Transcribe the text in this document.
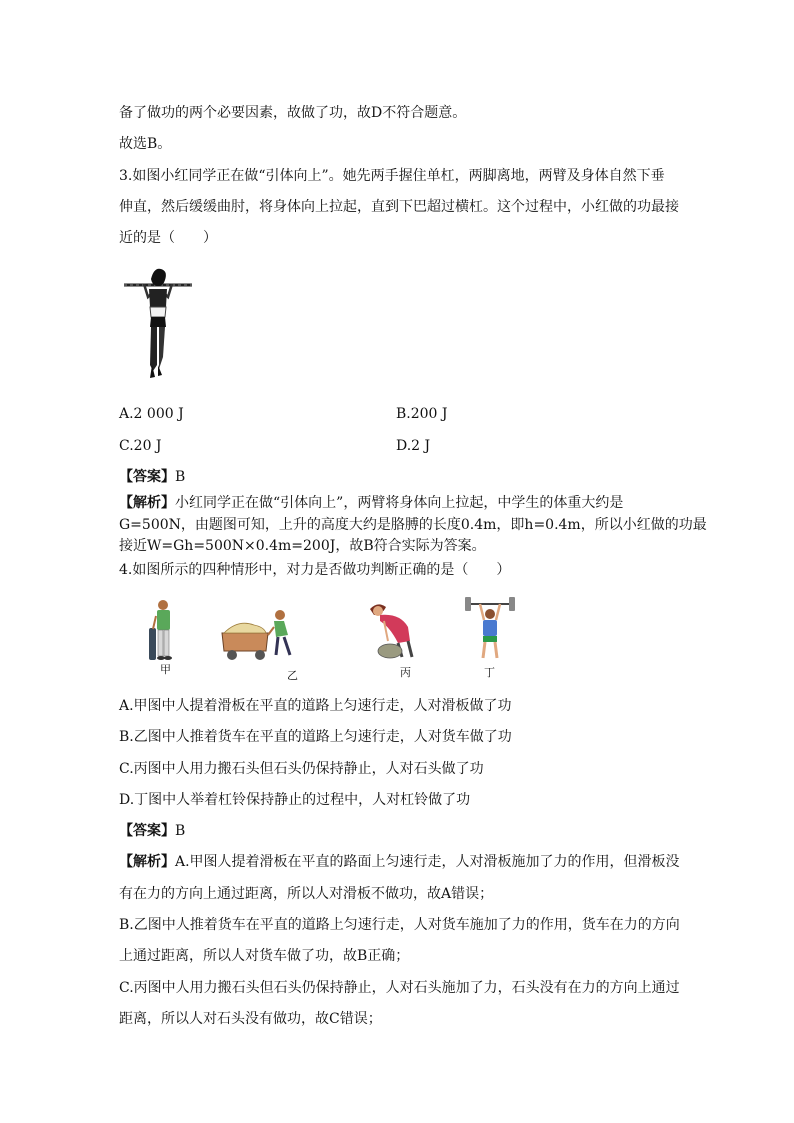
备了做功的两个必要因素，故做了功，故D不符合题意。
故选B。
3.如图小红同学正在做“引体向上”。她先两手握住单杠，两脚离地，两臂及身体自然下垂
伸直，然后缓缓曲肘，将身体向上拉起，直到下巴超过横杠。这个过程中，小红做的功最接
近的是（　　）
A.2 000 J	B.200 J
C.20 J	D.2 J
【答案】B
【解析】小红同学正在做“引体向上”，两臂将身体向上拉起，中学生的体重大约是
G=500N，由题图可知，上升的高度大约是胳膊的长度0.4m，即h=0.4m，所以小红做的功最
接近W=Gh=500N×0.4m=200J，故B符合实际为答案。
4.如图所示的四种情形中，对力是否做功判断正确的是（　　）
甲	乙	丙	丁
A.甲图中人提着滑板在平直的道路上匀速行走，人对滑板做了功
B.乙图中人推着货车在平直的道路上匀速行走，人对货车做了功
C.丙图中人用力搬石头但石头仍保持静止，人对石头做了功
D.丁图中人举着杠铃保持静止的过程中，人对杠铃做了功
【答案】B
【解析】A.甲图人提着滑板在平直的路面上匀速行走，人对滑板施加了力的作用，但滑板没
有在力的方向上通过距离，所以人对滑板不做功，故A错误；
B.乙图中人推着货车在平直的道路上匀速行走，人对货车施加了力的作用，货车在力的方向
上通过距离，所以人对货车做了功，故B正确；
C.丙图中人用力搬石头但石头仍保持静止，人对石头施加了力，石头没有在力的方向上通过
距离，所以人对石头没有做功，故C错误；
